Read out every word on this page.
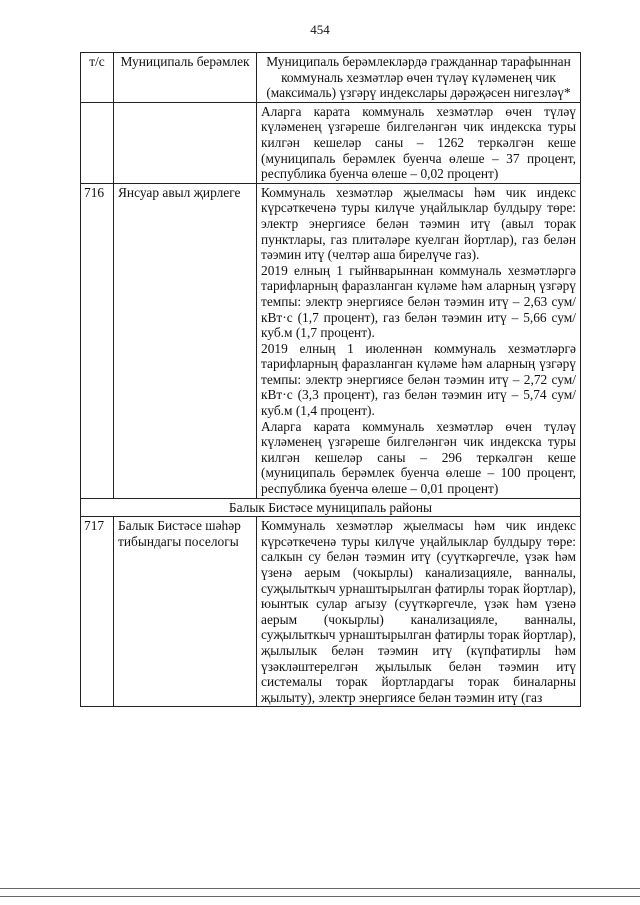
454
т/с	Муниципаль берәмлек	Муниципаль берәмлекләрдә гражданнар тарафыннан коммуналь хезмәтләр өчен түләү күләменең чик (максималь) үзгәрү индекслары дәрәҗәсен нигезләү*
		Аларга карата коммуналь хезмәтләр өчен түләү күләменең үзгәреше билгеләнгән чик индекска туры килгән кешеләр саны – 1262 теркәлгән кеше (муниципаль берәмлек буенча өлеше – 37 процент, республика буенча өлеше – 0,02 процент)
716	Янсуар авыл җирлеге	Коммуналь хезмәтләр җыелмасы һәм чик индекс күрсәткеченә туры килүче уңайлыклар булдыру төре: электр энергиясе белән тәэмин итү (авыл торак пунктлары, газ плитәләре куелган йортлар), газ белән тәэмин итү (челтәр аша бирелүче газ).
2019 елның 1 гыйнварыннан коммуналь хезмәтләргә тарифларның фаразланган күләме һәм аларның үзгәрү темпы: электр энергиясе белән тәэмин итү – 2,63 сум/кВт·с (1,7 процент), газ белән тәэмин итү – 5,66 сум/куб.м (1,7 процент).
2019 елның 1 июленнән коммуналь хезмәтләргә тарифларның фаразланган күләме һәм аларның үзгәрү темпы: электр энергиясе белән тәэмин итү – 2,72 сум/кВт·с (3,3 процент), газ белән тәэмин итү – 5,74 сум/куб.м (1,4 процент).
Аларга карата коммуналь хезмәтләр өчен түләү күләменең үзгәреше билгеләнгән чик индекска туры килгән кешеләр саны – 296 теркәлгән кеше (муниципаль берәмлек буенча өлеше – 100 процент, республика буенча өлеше – 0,01 процент)

Балык Бистәсе муниципаль районы		
717	Балык Бистәсе шәһәр тибындагы поселогы	Коммуналь хезмәтләр җыелмасы һәм чик индекс күрсәткеченә туры килүче уңайлыклар булдыру төре: салкын су белән тәэмин итү (суүткәргечле, үзәк һәм үзенә аерым (чокырлы) канализацияле, ванналы, суҗылыткыч урнаштырылган фатирлы торак йортлар), юынтык сулар агызу (суүткәргечле, үзәк һәм үзенә аерым (чокырлы) канализацияле, ванналы, суҗылыткыч урнаштырылган фатирлы торак йортлар), җылылык белән тәэмин итү (күпфатирлы һәм үзәкләштерелгән җылылык белән тәэмин итү системалы торак йортлардагы торак биналарны җылыту), электр энергиясе белән тәэмин итү (газ
